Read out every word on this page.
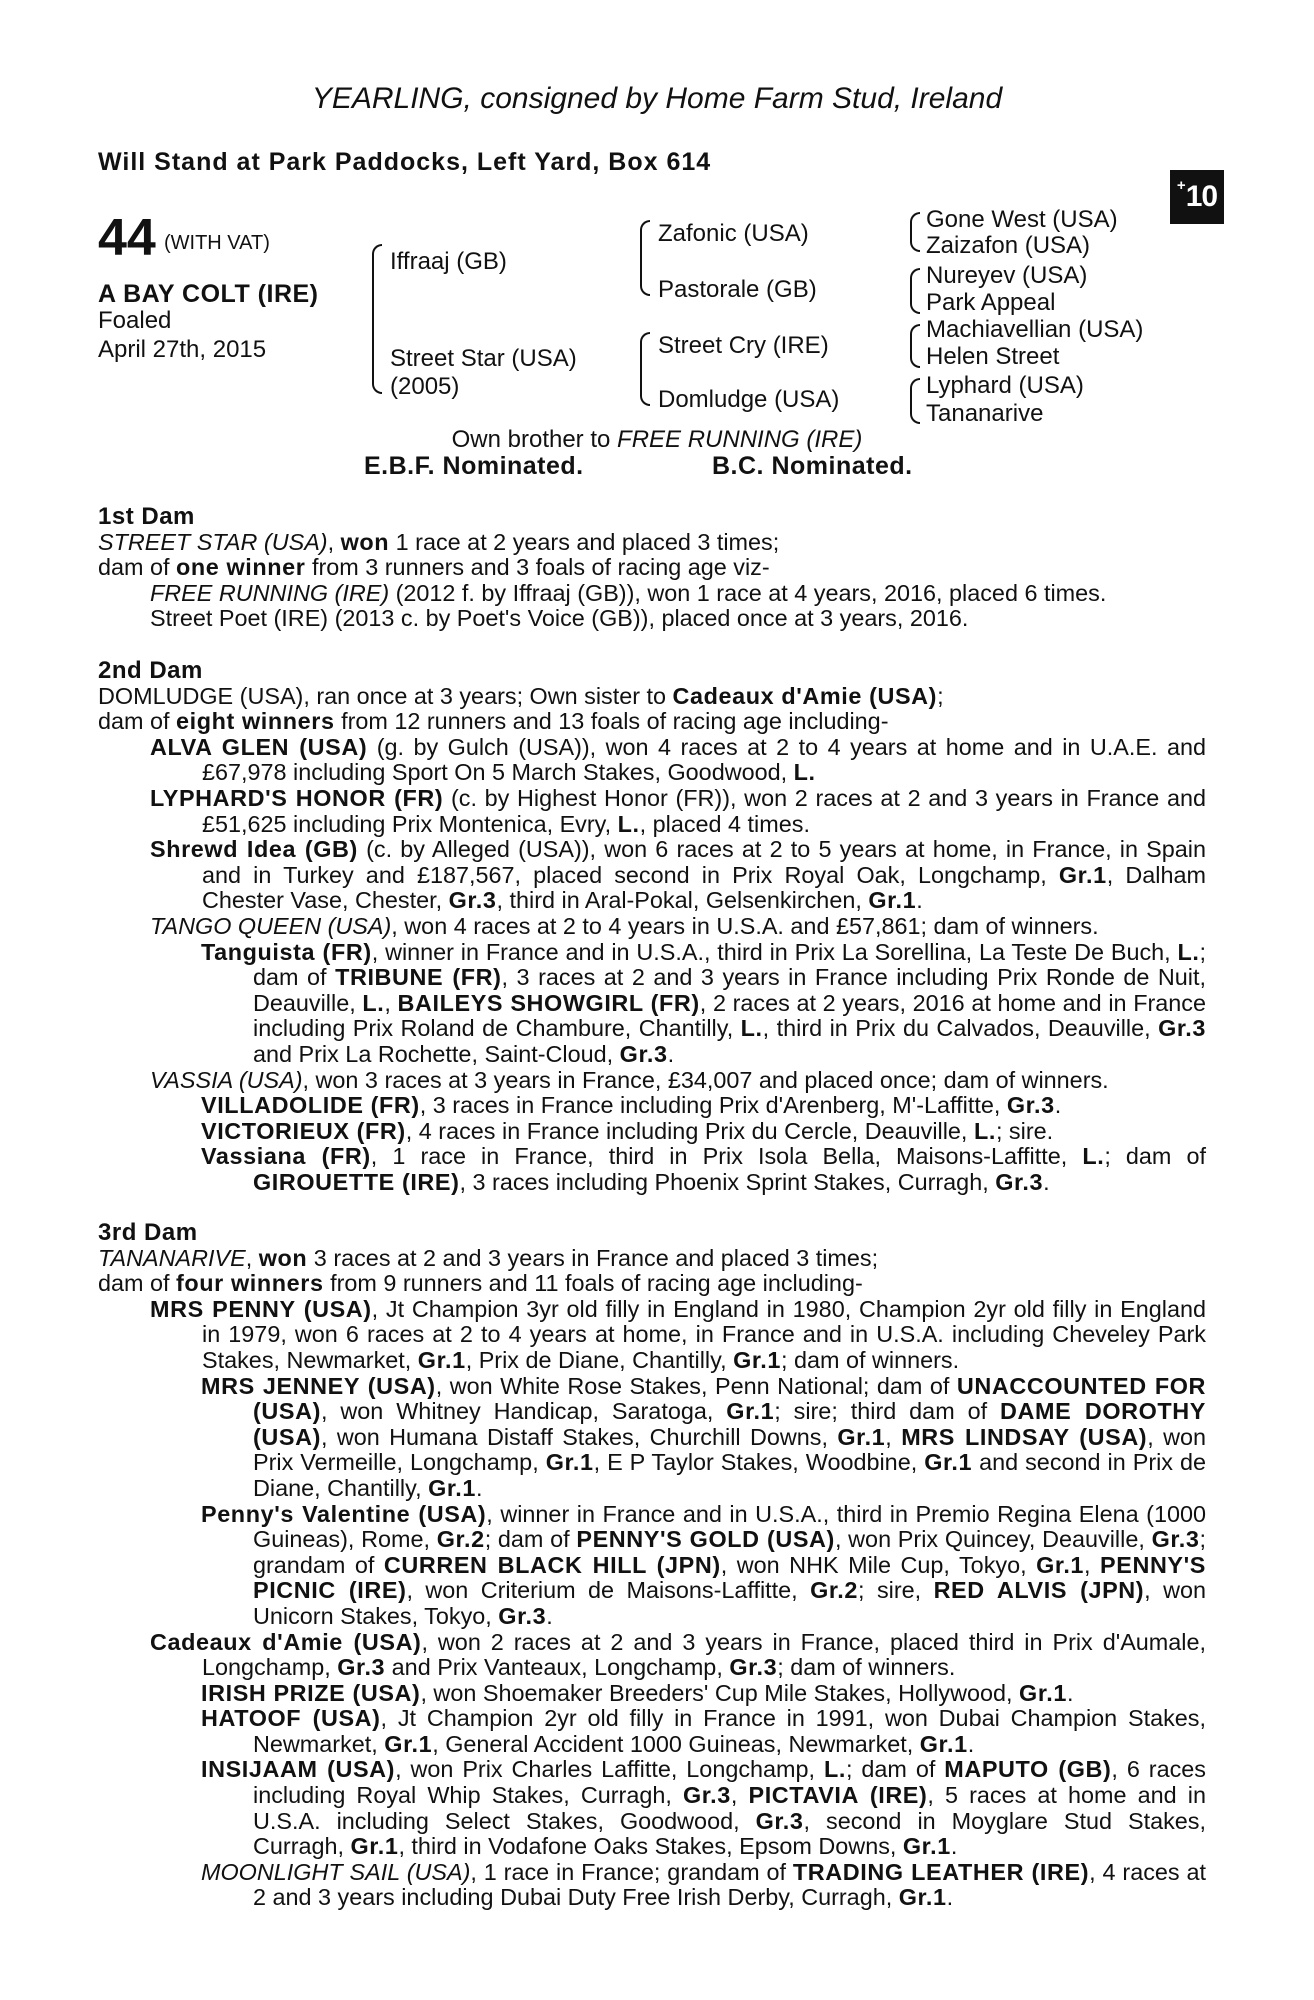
YEARLING, consigned by Home Farm Stud, Ireland
Will Stand at Park Paddocks, Left Yard, Box 614
+ 10
44 (WITH VAT)
A BAY COLT (IRE)
Foaled
April 27th, 2015
Iffraaj (GB)
Street Star (USA)
(2005)
Zafonic (USA)
Pastorale (GB)
Street Cry (IRE)
Domludge (USA)
Gone West (USA)
Zaizafon (USA)
Nureyev (USA)
Park Appeal
Machiavellian (USA)
Helen Street
Lyphard (USA)
Tananarive
Own brother to FREE RUNNING (IRE)
E.B.F. Nominated.	B.C. Nominated.

1st Dam

STREET STAR (USA), won 1 race at 2 years and placed 3 times;

dam of one winner from 3 runners and 3 foals of racing age viz-

FREE RUNNING (IRE) (2012 f. by Iffraaj (GB)), won 1 race at 4 years, 2016, placed 6 times.

Street Poet (IRE) (2013 c. by Poet's Voice (GB)), placed once at 3 years, 2016.

2nd Dam

DOMLUDGE (USA), ran once at 3 years; Own sister to Cadeaux d'Amie (USA);

dam of eight winners from 12 runners and 13 foals of racing age including-

ALVA GLEN (USA) (g. by Gulch (USA)), won 4 races at 2 to 4 years at home and in U.A.E. and £67,978 including Sport On 5 March Stakes, Goodwood, L.

LYPHARD'S HONOR (FR) (c. by Highest Honor (FR)), won 2 races at 2 and 3 years in France and £51,625 including Prix Montenica, Evry, L., placed 4 times.

Shrewd Idea (GB) (c. by Alleged (USA)), won 6 races at 2 to 5 years at home, in France, in Spain and in Turkey and £187,567, placed second in Prix Royal Oak, Longchamp, Gr.1, Dalham Chester Vase, Chester, Gr.3, third in Aral-Pokal, Gelsenkirchen, Gr.1.

TANGO QUEEN (USA), won 4 races at 2 to 4 years in U.S.A. and £57,861; dam of winners.

Tanguista (FR), winner in France and in U.S.A., third in Prix La Sorellina, La Teste De Buch, L.; dam of TRIBUNE (FR), 3 races at 2 and 3 years in France including Prix Ronde de Nuit, Deauville, L., BAILEYS SHOWGIRL (FR), 2 races at 2 years, 2016 at home and in France including Prix Roland de Chambure, Chantilly, L., third in Prix du Calvados, Deauville, Gr.3 and Prix La Rochette, Saint-Cloud, Gr.3.

VASSIA (USA), won 3 races at 3 years in France, £34,007 and placed once; dam of winners.

VILLADOLIDE (FR), 3 races in France including Prix d'Arenberg, M'-Laffitte, Gr.3.

VICTORIEUX (FR), 4 races in France including Prix du Cercle, Deauville, L.; sire.

Vassiana (FR), 1 race in France, third in Prix Isola Bella, Maisons-Laffitte, L.; dam of GIROUETTE (IRE), 3 races including Phoenix Sprint Stakes, Curragh, Gr.3.

3rd Dam

TANANARIVE, won 3 races at 2 and 3 years in France and placed 3 times;

dam of four winners from 9 runners and 11 foals of racing age including-

MRS PENNY (USA), Jt Champion 3yr old filly in England in 1980, Champion 2yr old filly in England in 1979, won 6 races at 2 to 4 years at home, in France and in U.S.A. including Cheveley Park Stakes, Newmarket, Gr.1, Prix de Diane, Chantilly, Gr.1; dam of winners.

MRS JENNEY (USA), won White Rose Stakes, Penn National; dam of UNACCOUNTED FOR (USA), won Whitney Handicap, Saratoga, Gr.1; sire; third dam of DAME DOROTHY (USA), won Humana Distaff Stakes, Churchill Downs, Gr.1, MRS LINDSAY (USA), won Prix Vermeille, Longchamp, Gr.1, E P Taylor Stakes, Woodbine, Gr.1 and second in Prix de Diane, Chantilly, Gr.1.

Penny's Valentine (USA), winner in France and in U.S.A., third in Premio Regina Elena (1000 Guineas), Rome, Gr.2; dam of PENNY'S GOLD (USA), won Prix Quincey, Deauville, Gr.3; grandam of CURREN BLACK HILL (JPN), won NHK Mile Cup, Tokyo, Gr.1, PENNY'S PICNIC (IRE), won Criterium de Maisons-Laffitte, Gr.2; sire, RED ALVIS (JPN), won Unicorn Stakes, Tokyo, Gr.3.

Cadeaux d'Amie (USA), won 2 races at 2 and 3 years in France, placed third in Prix d'Aumale, Longchamp, Gr.3 and Prix Vanteaux, Longchamp, Gr.3; dam of winners.

IRISH PRIZE (USA), won Shoemaker Breeders' Cup Mile Stakes, Hollywood, Gr.1.

HATOOF (USA), Jt Champion 2yr old filly in France in 1991, won Dubai Champion Stakes, Newmarket, Gr.1, General Accident 1000 Guineas, Newmarket, Gr.1.

INSIJAAM (USA), won Prix Charles Laffitte, Longchamp, L.; dam of MAPUTO (GB), 6 races including Royal Whip Stakes, Curragh, Gr.3, PICTAVIA (IRE), 5 races at home and in U.S.A. including Select Stakes, Goodwood, Gr.3, second in Moyglare Stud Stakes, Curragh, Gr.1, third in Vodafone Oaks Stakes, Epsom Downs, Gr.1.

MOONLIGHT SAIL (USA), 1 race in France; grandam of TRADING LEATHER (IRE), 4 races at 2 and 3 years including Dubai Duty Free Irish Derby, Curragh, Gr.1.
